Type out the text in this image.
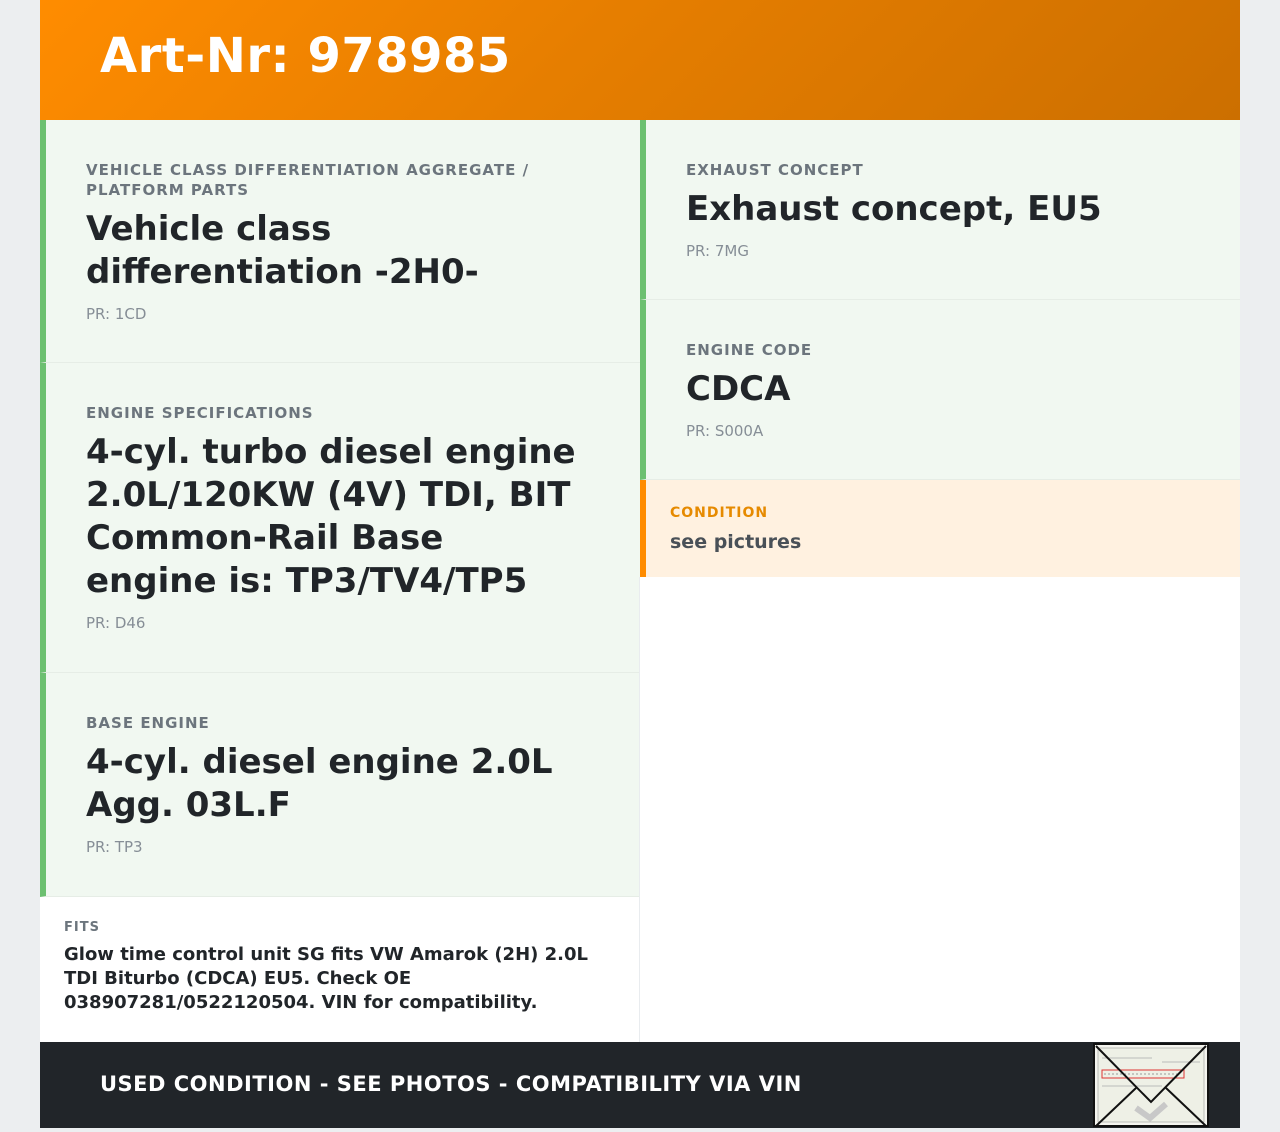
Art-Nr: 978985
VEHICLE CLASS DIFFERENTIATION AGGREGATE / PLATFORM PARTS
Vehicle class differentiation -2H0-
PR: 1CD
ENGINE SPECIFICATIONS
4-cyl. turbo diesel engine 2.0L/120KW (4V) TDI, BIT Common-Rail Base engine is: TP3/TV4/TP5
PR: D46
BASE ENGINE
4-cyl. diesel engine 2.0L Agg. 03L.F
PR: TP3
FITS
Glow time control unit SG fits VW Amarok (2H) 2.0L TDI Biturbo (CDCA) EU5. Check OE 038907281/0522120504. VIN for compatibility.
EXHAUST CONCEPT
Exhaust concept, EU5
PR: 7MG
ENGINE CODE
CDCA
PR: S000A
CONDITION
see pictures
USED CONDITION - SEE PHOTOS - COMPATIBILITY VIA VIN
